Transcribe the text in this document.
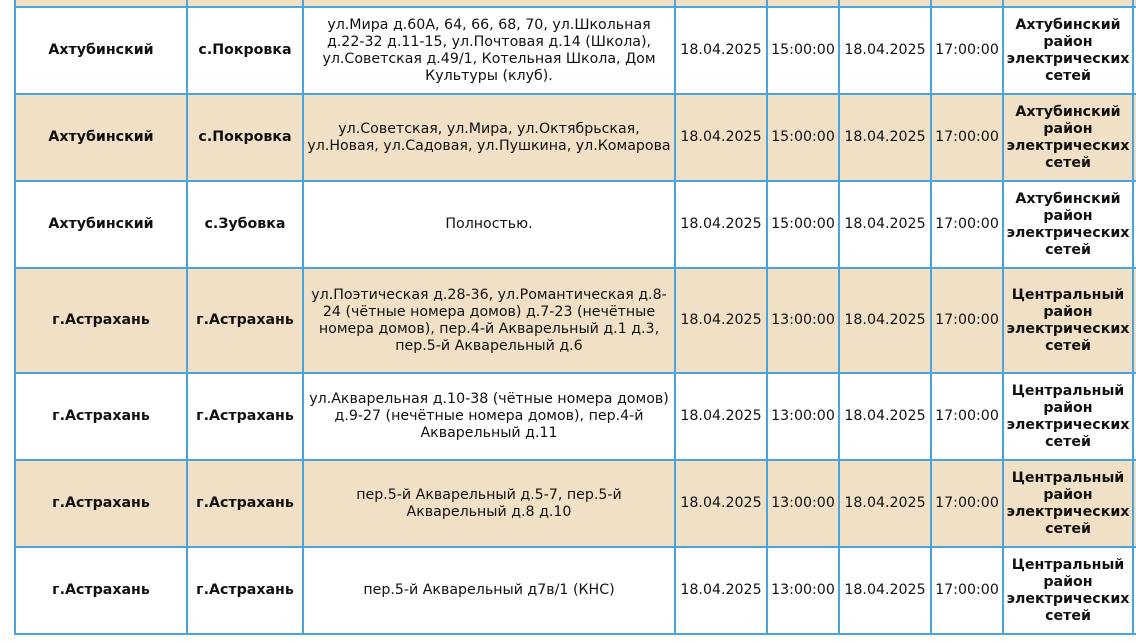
Ахтубинский	с.Покровка	ул.Мира д.60А, 64, 66, 68, 70, ул.Школьная д.22-32 д.11-15, ул.Почтовая д.14 (Школа), ул.Советская д.49/1, Котельная Школа, Дом Культуры (клуб).	18.04.2025	15:00:00	18.04.2025	17:00:00	Ахтубинский район электрических сетей	
Ахтубинский	с.Покровка	ул.Советская, ул.Мира, ул.Октябрьская, ул.Новая, ул.Садовая, ул.Пушкина, ул.Комарова	18.04.2025	15:00:00	18.04.2025	17:00:00	Ахтубинский район электрических сетей	
Ахтубинский	с.Зубовка	Полностью.	18.04.2025	15:00:00	18.04.2025	17:00:00	Ахтубинский район электрических сетей	
г.Астрахань	г.Астрахань	ул.Поэтическая д.28-36, ул.Романтическая д.8-24 (чётные номера домов) д.7-23 (нечётные номера домов), пер.4-й Акварельный д.1 д.3, пер.5-й Акварельный д.6	18.04.2025	13:00:00	18.04.2025	17:00:00	Центральный район электрических сетей	
г.Астрахань	г.Астрахань	ул.Акварельная д.10-38 (чётные номера домов) д.9-27 (нечётные номера домов), пер.4-й Акварельный д.11	18.04.2025	13:00:00	18.04.2025	17:00:00	Центральный район электрических сетей	
г.Астрахань	г.Астрахань	пер.5-й Акварельный д.5-7, пер.5-й Акварельный д.8 д.10	18.04.2025	13:00:00	18.04.2025	17:00:00	Центральный район электрических сетей	
г.Астрахань	г.Астрахань	пер.5-й Акварельный д7в/1 (КНС)	18.04.2025	13:00:00	18.04.2025	17:00:00	Центральный район электрических сетей	
